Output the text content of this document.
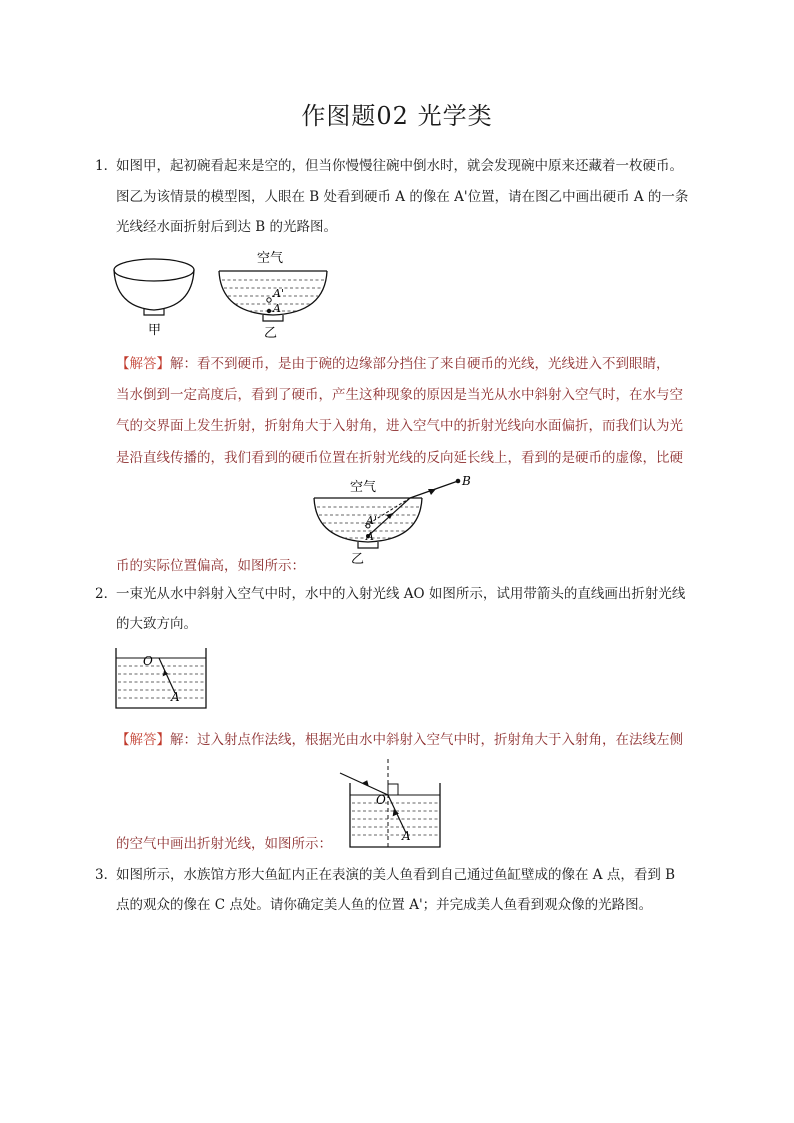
作图题02 光学类
1．
如图甲，起初碗看起来是空的，但当你慢慢往碗中倒水时，就会发现碗中原来还藏着一枚硬币。
图乙为该情景的模型图，人眼在 B 处看到硬币 A 的像在 A'位置，请在图乙中画出硬币 A 的一条
光线经水面折射后到达 B 的光路图。
甲
空气
A'
A
乙
【解答】解：看不到硬币，是由于碗的边缘部分挡住了来自硬币的光线，光线进入不到眼睛，
当水倒到一定高度后，看到了硬币，产生这种现象的原因是当光从水中斜射入空气时，在水与空
气的交界面上发生折射，折射角大于入射角，进入空气中的折射光线向水面偏折，而我们认为光
是沿直线传播的，我们看到的硬币位置在折射光线的反向延长线上，看到的是硬币的虚像，比硬
空气	B
A'
A
乙
币的实际位置偏高，如图所示：
2．
一束光从水中斜射入空气中时，水中的入射光线 AO 如图所示，试用带箭头的直线画出折射光线
的大致方向。
O
A
【解答】解：过入射点作法线，根据光由水中斜射入空气中时，折射角大于入射角，在法线左侧
O
A
的空气中画出折射光线，如图所示：
3．
如图所示，水族馆方形大鱼缸内正在表演的美人鱼看到自己通过鱼缸壁成的像在 A 点，看到 B
点的观众的像在 C 点处。请你确定美人鱼的位置 A'；并完成美人鱼看到观众像的光路图。
